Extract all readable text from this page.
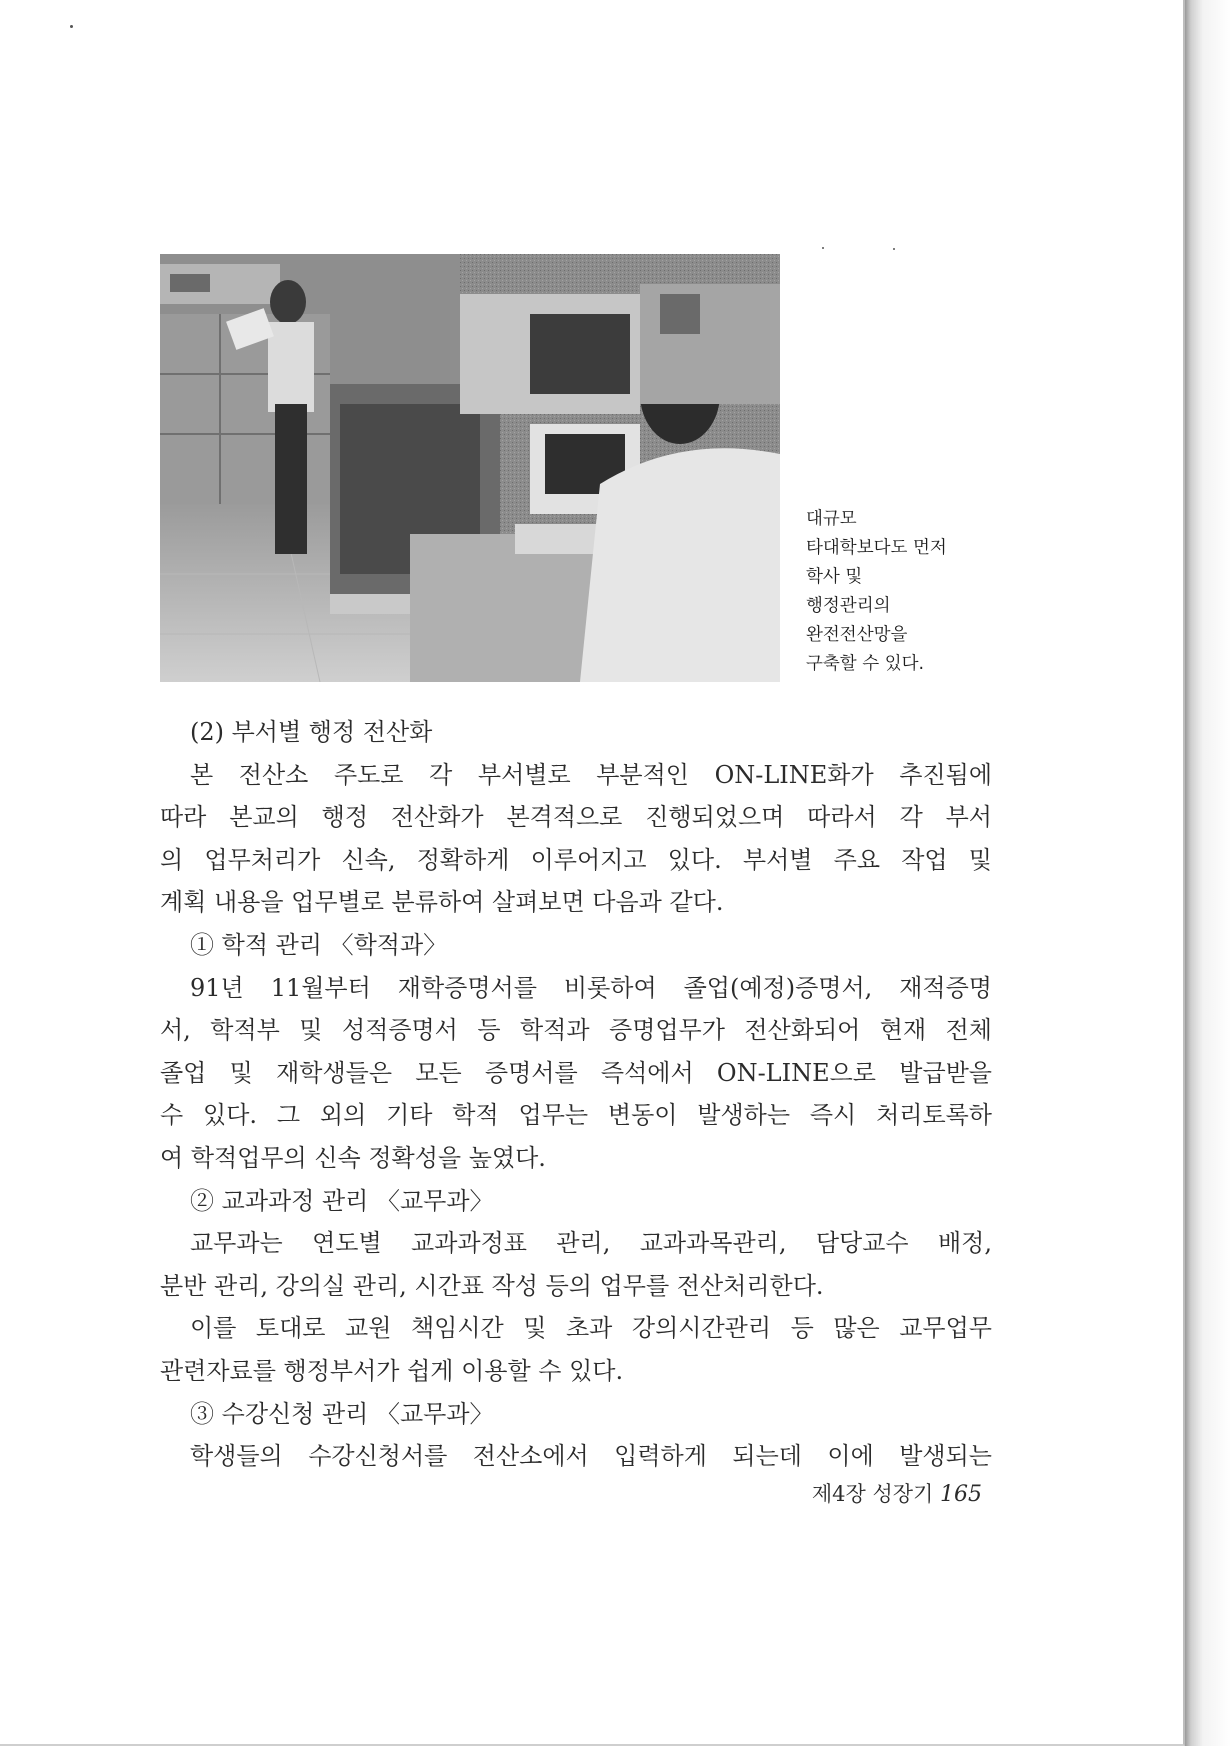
대규모
타대학보다도 먼저
학사 및
행정관리의
완전전산망을
구축할 수 있다.
(2) 부서별 행정 전산화
본 전산소 주도로 각 부서별로 부분적인 ON-LINE화가 추진됨에
따라 본교의 행정 전산화가 본격적으로 진행되었으며 따라서 각 부서
의 업무처리가 신속, 정확하게 이루어지고 있다. 부서별 주요 작업 및
계획 내용을 업무별로 분류하여 살펴보면 다음과 같다.
① 학적 관리 〈학적과〉
91년 11월부터 재학증명서를 비롯하여 졸업(예정)증명서, 재적증명
서, 학적부 및 성적증명서 등 학적과 증명업무가 전산화되어 현재 전체
졸업 및 재학생들은 모든 증명서를 즉석에서 ON-LINE으로 발급받을
수 있다. 그 외의 기타 학적 업무는 변동이 발생하는 즉시 처리토록하
여 학적업무의 신속 정확성을 높였다.
② 교과과정 관리 〈교무과〉
교무과는 연도별 교과과정표 관리, 교과과목관리, 담당교수 배정,
분반 관리, 강의실 관리, 시간표 작성 등의 업무를 전산처리한다.
이를 토대로 교원 책임시간 및 초과 강의시간관리 등 많은 교무업무
관련자료를 행정부서가 쉽게 이용할 수 있다.
③ 수강신청 관리 〈교무과〉
학생들의 수강신청서를 전산소에서 입력하게 되는데 이에 발생되는
제4장 성장기 165
